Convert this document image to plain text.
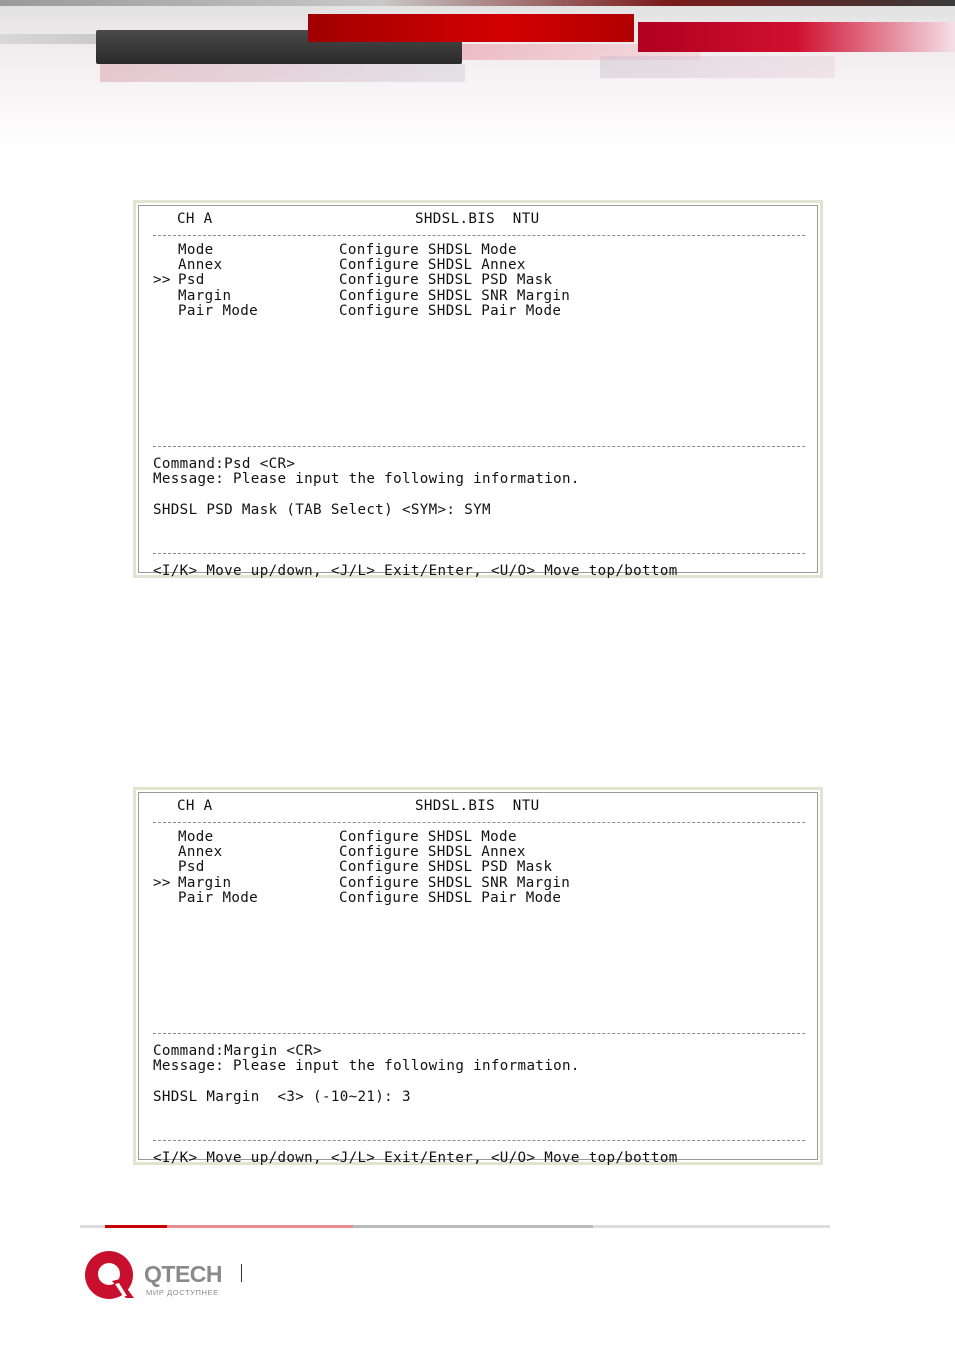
CH A	SHDSL.BIS  NTU

Mode	Configure SHDSL Mode

Annex	Configure SHDSL Annex
>> Psd	Configure SHDSL PSD Mask

Margin	Configure SHDSL SNR Margin

Pair Mode	Configure SHDSL Pair Mode
Command:Psd <CR>
Message: Please input the following information.
SHDSL PSD Mask (TAB Select) <SYM>: SYM
<I/K> Move up/down, <J/L> Exit/Enter, <U/O> Move top/bottom
CH A	SHDSL.BIS  NTU

Mode	Configure SHDSL Mode

Annex	Configure SHDSL Annex

Psd	Configure SHDSL PSD Mask
>> Margin	Configure SHDSL SNR Margin

Pair Mode	Configure SHDSL Pair Mode
Command:Margin <CR>
Message: Please input the following information.
SHDSL Margin  <3> (-10~21): 3
<I/K> Move up/down, <J/L> Exit/Enter, <U/O> Move top/bottom
QTECH
МИР ДОСТУПНЕЕ
